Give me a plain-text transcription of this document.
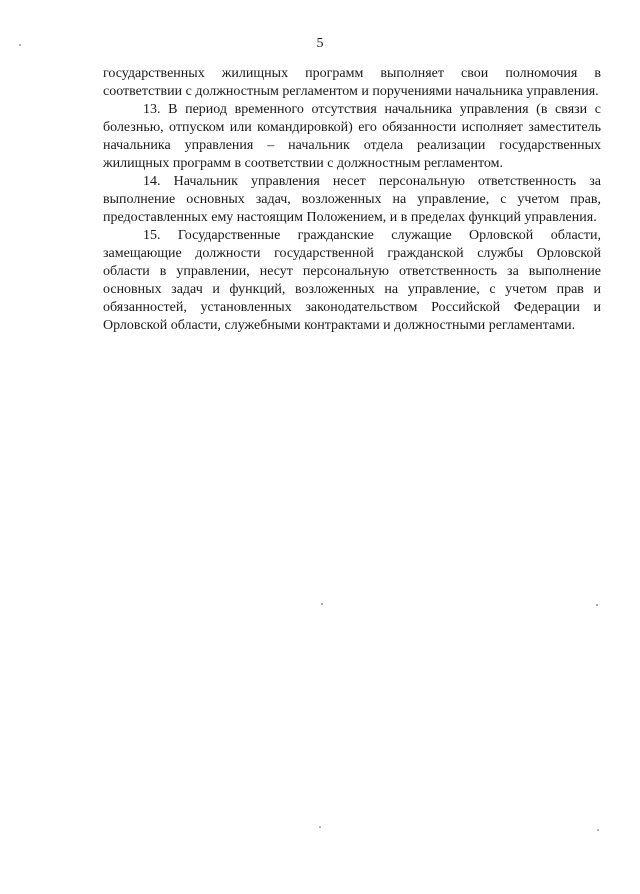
5

государственных жилищных программ выполняет свои полномочия в соответствии с должностным регламентом и поручениями начальника управления.

13. В период временного отсутствия начальника управления (в связи с болезнью, отпуском или командировкой) его обязанности исполняет заместитель начальника управления – начальник отдела реализации государственных жилищных программ в соответствии с должностным регламентом.

14. Начальник управления несет персональную ответственность за выполнение основных задач, возложенных на управление, с учетом прав, предоставленных ему настоящим Положением, и в пределах функций управления.

15. Государственные гражданские служащие Орловской области, замещающие должности государственной гражданской службы Орловской области в управлении, несут персональную ответственность за выполнение основных задач и функций, возложенных на управление, с учетом прав и обязанностей, установленных законодательством Российской Федерации и Орловской области, служебными контрактами и должностными регламентами.
